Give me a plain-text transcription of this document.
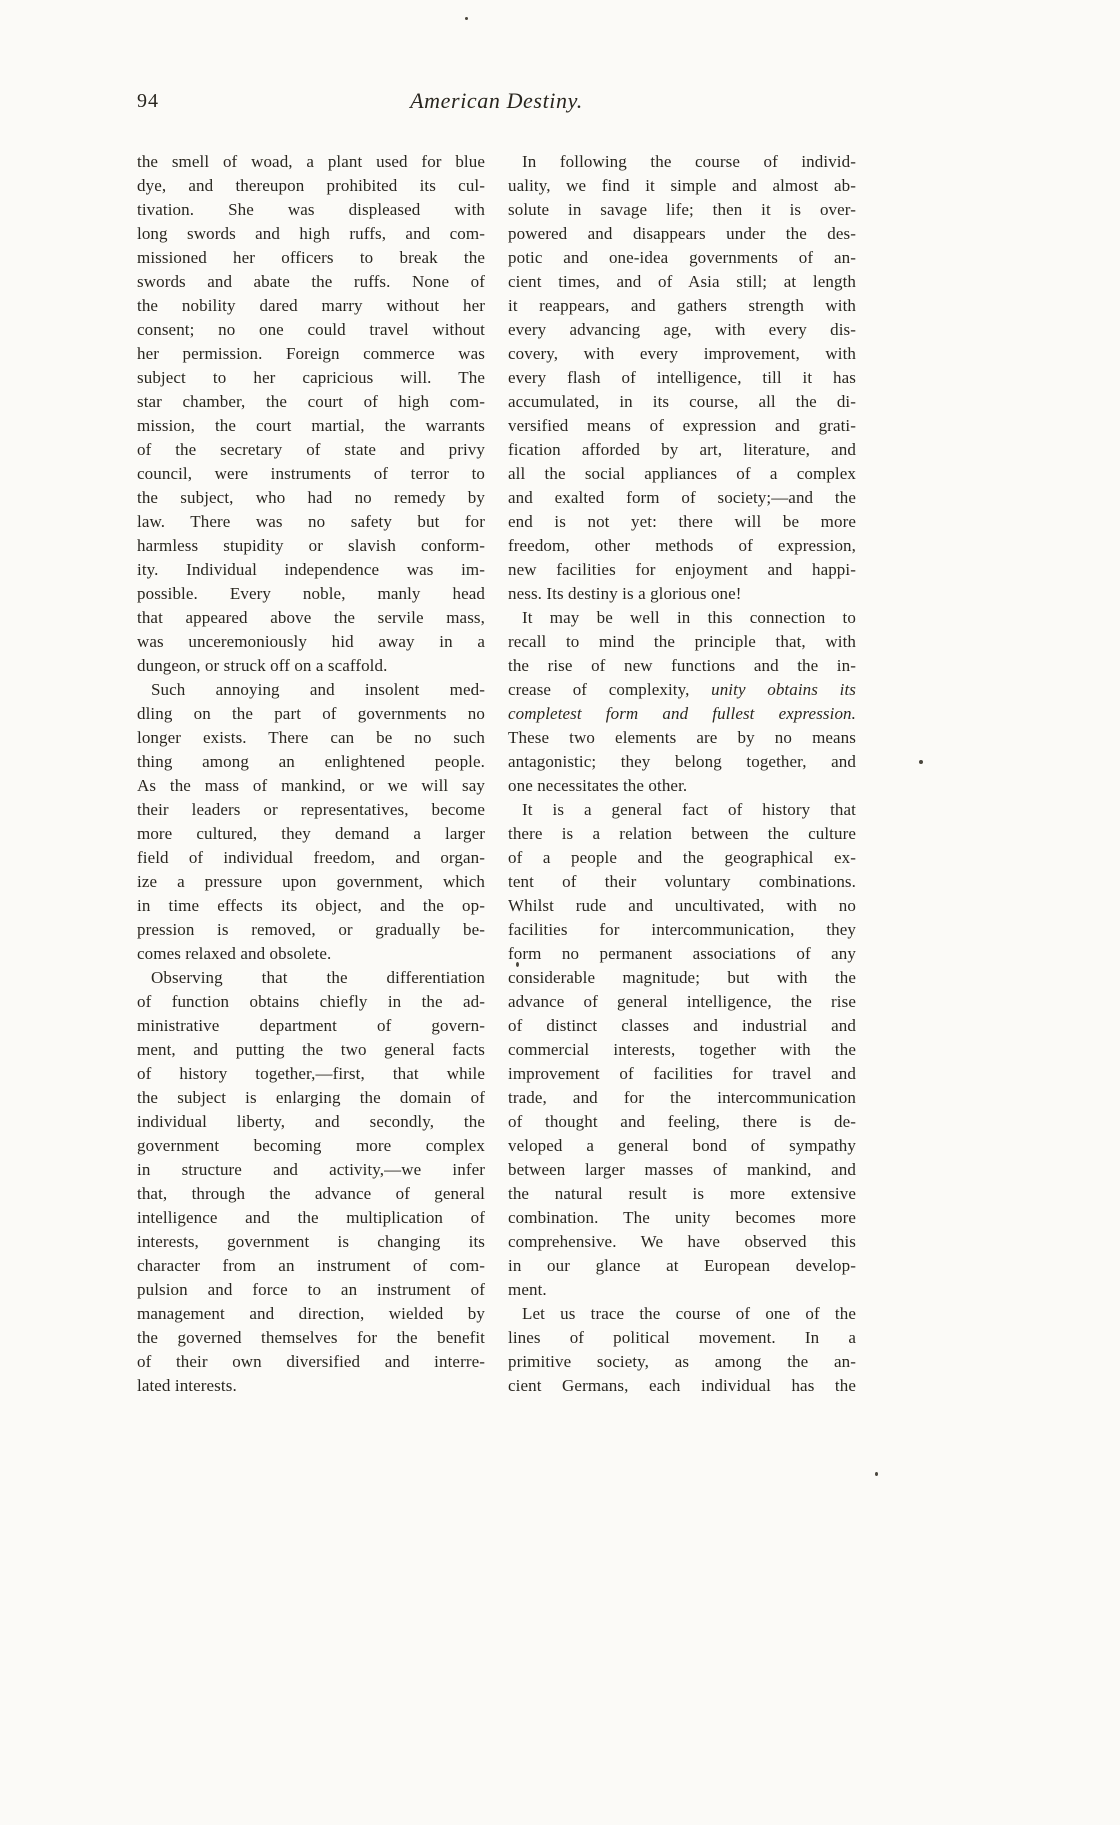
94	American Destiny.
the smell of woad, a plant used for blue
dye, and thereupon prohibited its cul-
tivation. She was displeased with
long swords and high ruffs, and com-
missioned her officers to break the
swords and abate the ruffs. None of
the nobility dared marry without her
consent; no one could travel without
her permission. Foreign commerce was
subject to her capricious will. The
star chamber, the court of high com-
mission, the court martial, the warrants
of the secretary of state and privy
council, were instruments of terror to
the subject, who had no remedy by
law. There was no safety but for
harmless stupidity or slavish conform-
ity. Individual independence was im-
possible. Every noble, manly head
that appeared above the servile mass,
was unceremoniously hid away in a
dungeon, or struck off on a scaffold.
Such annoying and insolent med-
dling on the part of governments no
longer exists. There can be no such
thing among an enlightened people.
As the mass of mankind, or we will say
their leaders or representatives, become
more cultured, they demand a larger
field of individual freedom, and organ-
ize a pressure upon government, which
in time effects its object, and the op-
pression is removed, or gradually be-
comes relaxed and obsolete.
Observing that the differentiation
of function obtains chiefly in the ad-
ministrative department of govern-
ment, and putting the two general facts
of history together,—first, that while
the subject is enlarging the domain of
individual liberty, and secondly, the
government becoming more complex
in structure and activity,—we infer
that, through the advance of general
intelligence and the multiplication of
interests, government is changing its
character from an instrument of com-
pulsion and force to an instrument of
management and direction, wielded by
the governed themselves for the benefit
of their own diversified and interre-
lated interests.
In following the course of individ-
uality, we find it simple and almost ab-
solute in savage life; then it is over-
powered and disappears under the des-
potic and one-idea governments of an-
cient times, and of Asia still; at length
it reappears, and gathers strength with
every advancing age, with every dis-
covery, with every improvement, with
every flash of intelligence, till it has
accumulated, in its course, all the di-
versified means of expression and grati-
fication afforded by art, literature, and
all the social appliances of a complex
and exalted form of society;—and the
end is not yet: there will be more
freedom, other methods of expression,
new facilities for enjoyment and happi-
ness. Its destiny is a glorious one!
It may be well in this connection to
recall to mind the principle that, with
the rise of new functions and the in-
crease of complexity, unity obtains its
completest form and fullest expression.
These two elements are by no means
antagonistic; they belong together, and
one necessitates the other.
It is a general fact of history that
there is a relation between the culture
of a people and the geographical ex-
tent of their voluntary combinations.
Whilst rude and uncultivated, with no
facilities for intercommunication, they
form no permanent associations of any
considerable magnitude; but with the
advance of general intelligence, the rise
of distinct classes and industrial and
commercial interests, together with the
improvement of facilities for travel and
trade, and for the intercommunication
of thought and feeling, there is de-
veloped a general bond of sympathy
between larger masses of mankind, and
the natural result is more extensive
combination. The unity becomes more
comprehensive. We have observed this
in our glance at European develop-
ment.
Let us trace the course of one of the
lines of political movement. In a
primitive society, as among the an-
cient Germans, each individual has the
